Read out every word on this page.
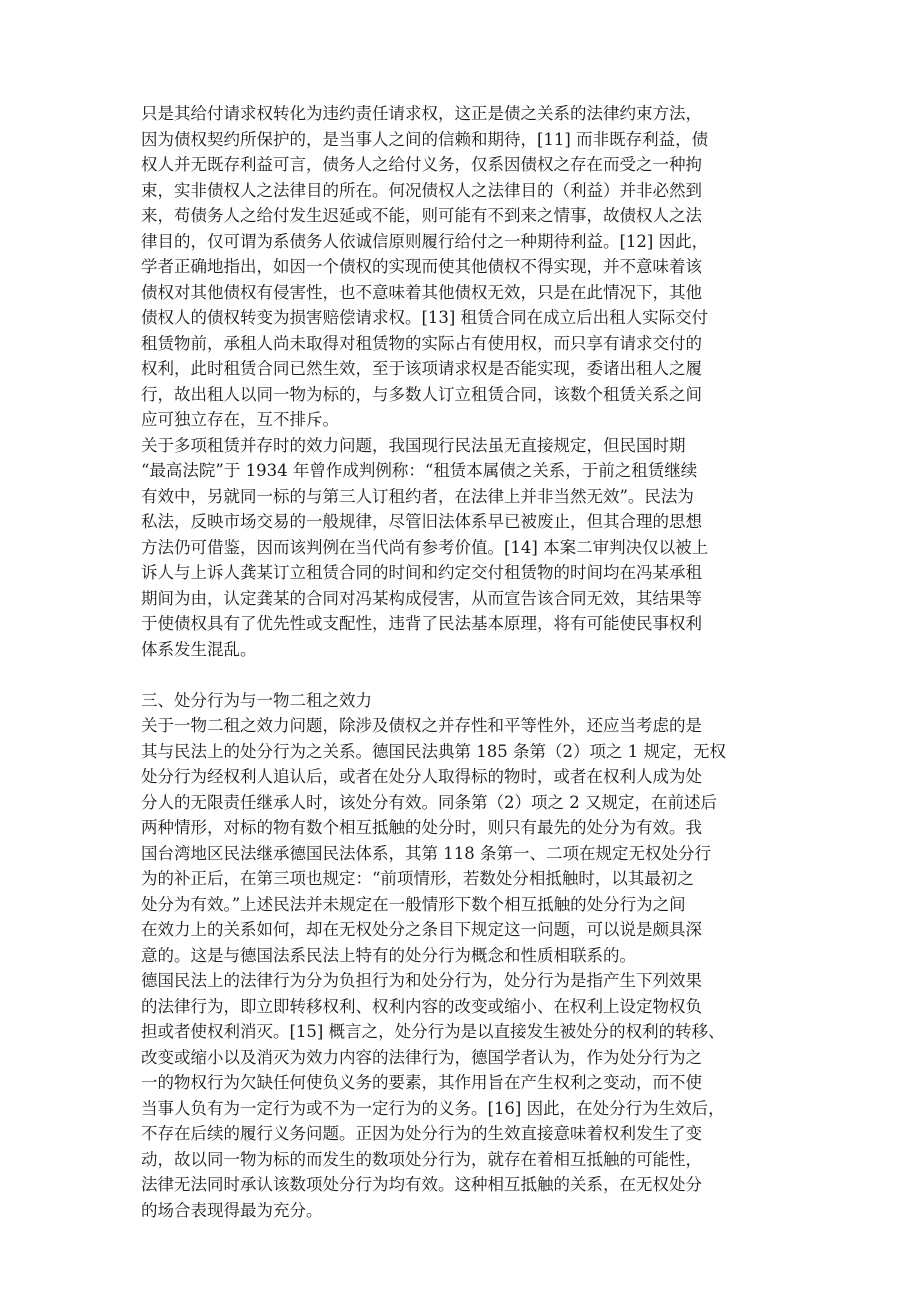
只是其给付请求权转化为违约责任请求权，这正是债之关系的法律约束方法，
因为债权契约所保护的，是当事人之间的信赖和期待，[11] 而非既存利益，债
权人并无既存利益可言，债务人之给付义务，仅系因债权之存在而受之一种拘
束，实非债权人之法律目的所在。何况债权人之法律目的（利益）并非必然到
来，苟债务人之给付发生迟延或不能，则可能有不到来之情事，故债权人之法
律目的，仅可谓为系债务人依诚信原则履行给付之一种期待利益。[12] 因此，
学者正确地指出，如因一个债权的实现而使其他债权不得实现，并不意味着该
债权对其他债权有侵害性，也不意味着其他债权无效，只是在此情况下，其他
债权人的债权转变为损害赔偿请求权。[13] 租赁合同在成立后出租人实际交付
租赁物前，承租人尚未取得对租赁物的实际占有使用权，而只享有请求交付的
权利，此时租赁合同已然生效，至于该项请求权是否能实现，委诸出租人之履
行，故出租人以同一物为标的，与多数人订立租赁合同，该数个租赁关系之间
应可独立存在，互不排斥。
关于多项租赁并存时的效力问题，我国现行民法虽无直接规定，但民国时期
“最高法院”于 1934 年曾作成判例称：“租赁本属债之关系，于前之租赁继续
有效中，另就同一标的与第三人订租约者，在法律上并非当然无效”。民法为
私法，反映市场交易的一般规律，尽管旧法体系早已被废止，但其合理的思想
方法仍可借鉴，因而该判例在当代尚有参考价值。[14] 本案二审判决仅以被上
诉人与上诉人龚某订立租赁合同的时间和约定交付租赁物的时间均在冯某承租
期间为由，认定龚某的合同对冯某构成侵害，从而宣告该合同无效，其结果等
于使债权具有了优先性或支配性，违背了民法基本原理，将有可能使民事权利
体系发生混乱。
三、处分行为与一物二租之效力
关于一物二租之效力问题，除涉及债权之并存性和平等性外，还应当考虑的是
其与民法上的处分行为之关系。德国民法典第 185 条第（2）项之 1 规定，无权
处分行为经权利人追认后，或者在处分人取得标的物时，或者在权利人成为处
分人的无限责任继承人时，该处分有效。同条第（2）项之 2 又规定，在前述后
两种情形，对标的物有数个相互抵触的处分时，则只有最先的处分为有效。我
国台湾地区民法继承德国民法体系，其第 118 条第一、二项在规定无权处分行
为的补正后，在第三项也规定：“前项情形，若数处分相抵触时，以其最初之
处分为有效。”上述民法并未规定在一般情形下数个相互抵触的处分行为之间
在效力上的关系如何，却在无权处分之条目下规定这一问题，可以说是颇具深
意的。这是与德国法系民法上特有的处分行为概念和性质相联系的。
德国民法上的法律行为分为负担行为和处分行为，处分行为是指产生下列效果
的法律行为，即立即转移权利、权利内容的改变或缩小、在权利上设定物权负
担或者使权利消灭。[15] 概言之，处分行为是以直接发生被处分的权利的转移、
改变或缩小以及消灭为效力内容的法律行为，德国学者认为，作为处分行为之
一的物权行为欠缺任何使负义务的要素，其作用旨在产生权利之变动，而不使
当事人负有为一定行为或不为一定行为的义务。[16] 因此，在处分行为生效后，
不存在后续的履行义务问题。正因为处分行为的生效直接意味着权利发生了变
动，故以同一物为标的而发生的数项处分行为，就存在着相互抵触的可能性，
法律无法同时承认该数项处分行为均有效。这种相互抵触的关系，在无权处分
的场合表现得最为充分。
